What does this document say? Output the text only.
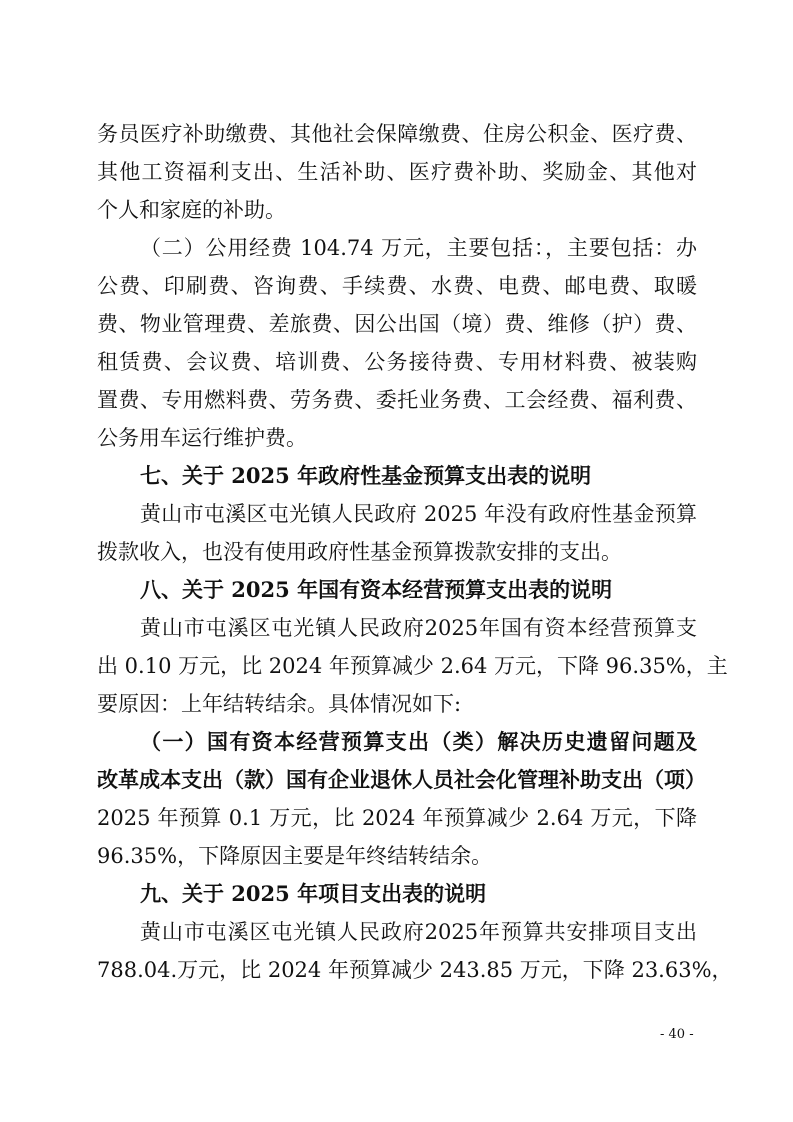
务员医疗补助缴费、其他社会保障缴费、住房公积金、医疗费、
其他工资福利支出、生活补助、医疗费补助、奖励金、其他对
个人和家庭的补助。
（二）公用经费 104.74 万元，主要包括：，主要包括：办
公费、印刷费、咨询费、手续费、水费、电费、邮电费、取暖
费、物业管理费、差旅费、因公出国（境）费、维修（护）费、
租赁费、会议费、培训费、公务接待费、专用材料费、被装购
置费、专用燃料费、劳务费、委托业务费、工会经费、福利费、
公务用车运行维护费。
七、关于 2025 年政府性基金预算支出表的说明
黄山市屯溪区屯光镇人民政府 2025 年没有政府性基金预算
拨款收入，也没有使用政府性基金预算拨款安排的支出。
八、关于 2025 年国有资本经营预算支出表的说明
黄山市屯溪区屯光镇人民政府2025年国有资本经营预算支
出 0.10 万元，比 2024 年预算减少 2.64 万元，下降 96.35%，主
要原因：上年结转结余。具体情况如下:
（一）国有资本经营预算支出（类）解决历史遗留问题及
改革成本支出（款）国有企业退休人员社会化管理补助支出（项）
2025 年预算 0.1 万元，比 2024 年预算减少 2.64 万元，下降
96.35%，下降原因主要是年终结转结余。
九、关于 2025 年项目支出表的说明
黄山市屯溪区屯光镇人民政府2025年预算共安排项目支出
788.04.万元，比 2024 年预算减少 243.85 万元，下降 23.63%，
- 40 -
